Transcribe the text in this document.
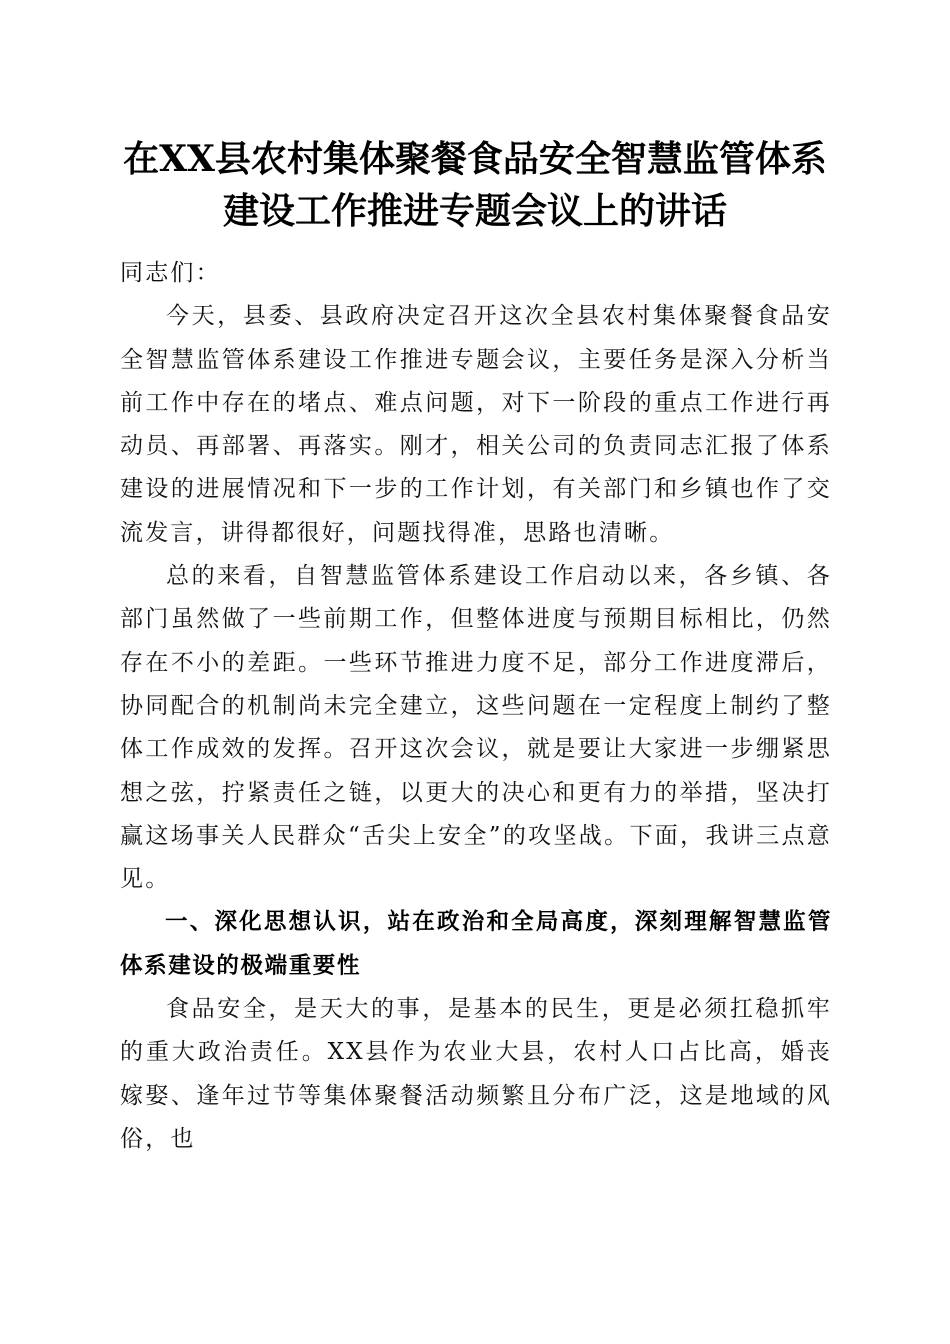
在XX县农村集体聚餐食品安全智慧监管体系
建设工作推进专题会议上的讲话

同志们：

今天，县委、县政府决定召开这次全县农村集体聚餐食品安全智慧监管体系建设工作推进专题会议，主要任务是深入分析当前工作中存在的堵点、难点问题，对下一阶段的重点工作进行再动员、再部署、再落实。刚才，相关公司的负责同志汇报了体系建设的进展情况和下一步的工作计划，有关部门和乡镇也作了交流发言，讲得都很好，问题找得准，思路也清晰。

总的来看，自智慧监管体系建设工作启动以来，各乡镇、各部门虽然做了一些前期工作，但整体进度与预期目标相比，仍然存在不小的差距。一些环节推进力度不足，部分工作进度滞后，协同配合的机制尚未完全建立，这些问题在一定程度上制约了整体工作成效的发挥。召开这次会议，就是要让大家进一步绷紧思想之弦，拧紧责任之链，以更大的决心和更有力的举措，坚决打赢这场事关人民群众“舌尖上安全”的攻坚战。下面，我讲三点意见。

一、深化思想认识，站在政治和全局高度，深刻理解智慧监管体系建设的极端重要性

食品安全，是天大的事，是基本的民生，更是必须扛稳抓牢的重大政治责任。XX县作为农业大县，农村人口占比高，婚丧嫁娶、逢年过节等集体聚餐活动频繁且分布广泛，这是地域的风俗，也
